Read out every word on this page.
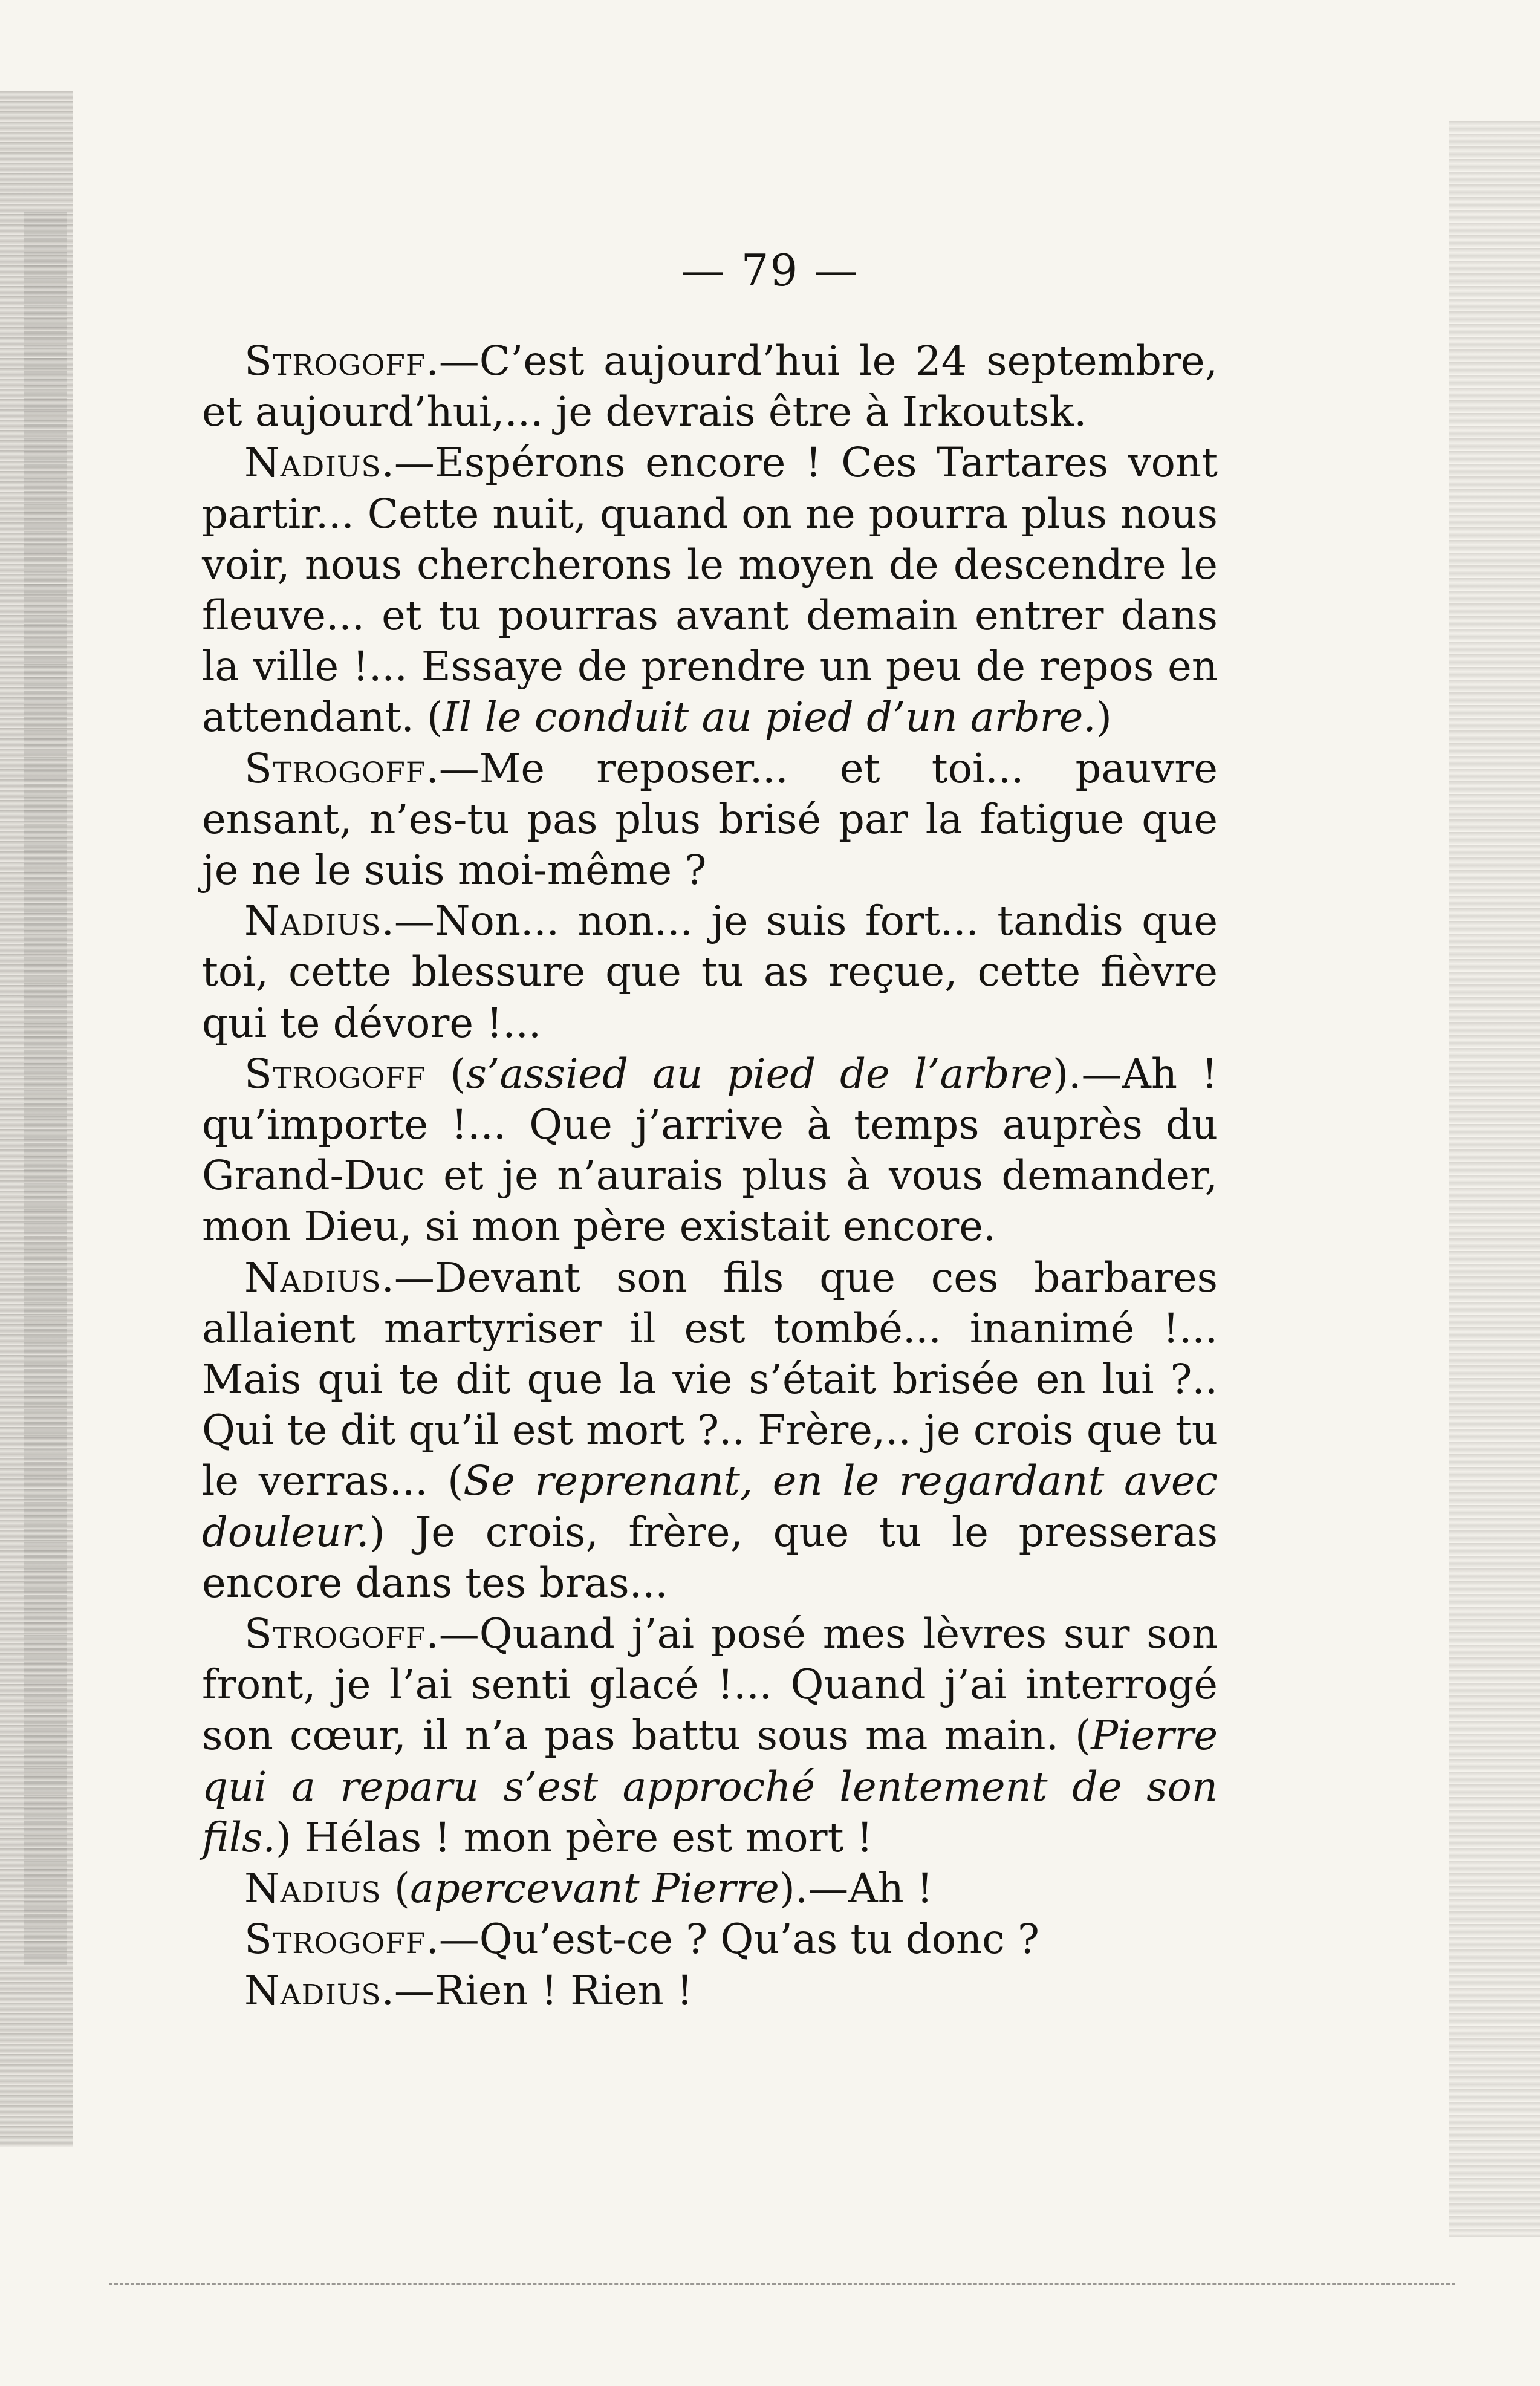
— 79 —

Strogoff.—C’est aujourd’hui le 24 septembre, et aujourd’hui,... je devrais être à Irkoutsk.

Nadius.—Espérons encore ! Ces Tartares vont partir... Cette nuit, quand on ne pourra plus nous voir, nous chercherons le moyen de descendre le fleuve... et tu pourras avant demain entrer dans la ville !... Essaye de prendre un peu de repos en attendant. (Il le conduit au pied d’un arbre.)

Strogoff.—Me reposer... et toi... pauvre ensant, n’es-tu pas plus brisé par la fatigue que je ne le suis moi-même ?

Nadius.—Non... non... je suis fort... tandis que toi, cette blessure que tu as reçue, cette fièvre qui te dévore !...

Strogoff (s’assied au pied de l’arbre).—Ah ! qu’importe !... Que j’arrive à temps auprès du Grand-Duc et je n’aurais plus à vous demander, mon Dieu, si mon père existait encore.

Nadius.—Devant son fils que ces barbares allaient martyriser il est tombé... inanimé !... Mais qui te dit que la vie s’était brisée en lui ?.. Qui te dit qu’il est mort ?.. Frère,.. je crois que tu le verras... (Se reprenant, en le regardant avec douleur.) Je crois, frère, que tu le presseras encore dans tes bras...

Strogoff.—Quand j’ai posé mes lèvres sur son front, je l’ai senti glacé !... Quand j’ai interrogé son cœur, il n’a pas battu sous ma main. (Pierre qui a reparu s’est approché lentement de son fils.) Hélas ! mon père est mort !

Nadius (apercevant Pierre).—Ah !

Strogoff.—Qu’est-ce ? Qu’as tu donc ?

Nadius.—Rien ! Rien !
